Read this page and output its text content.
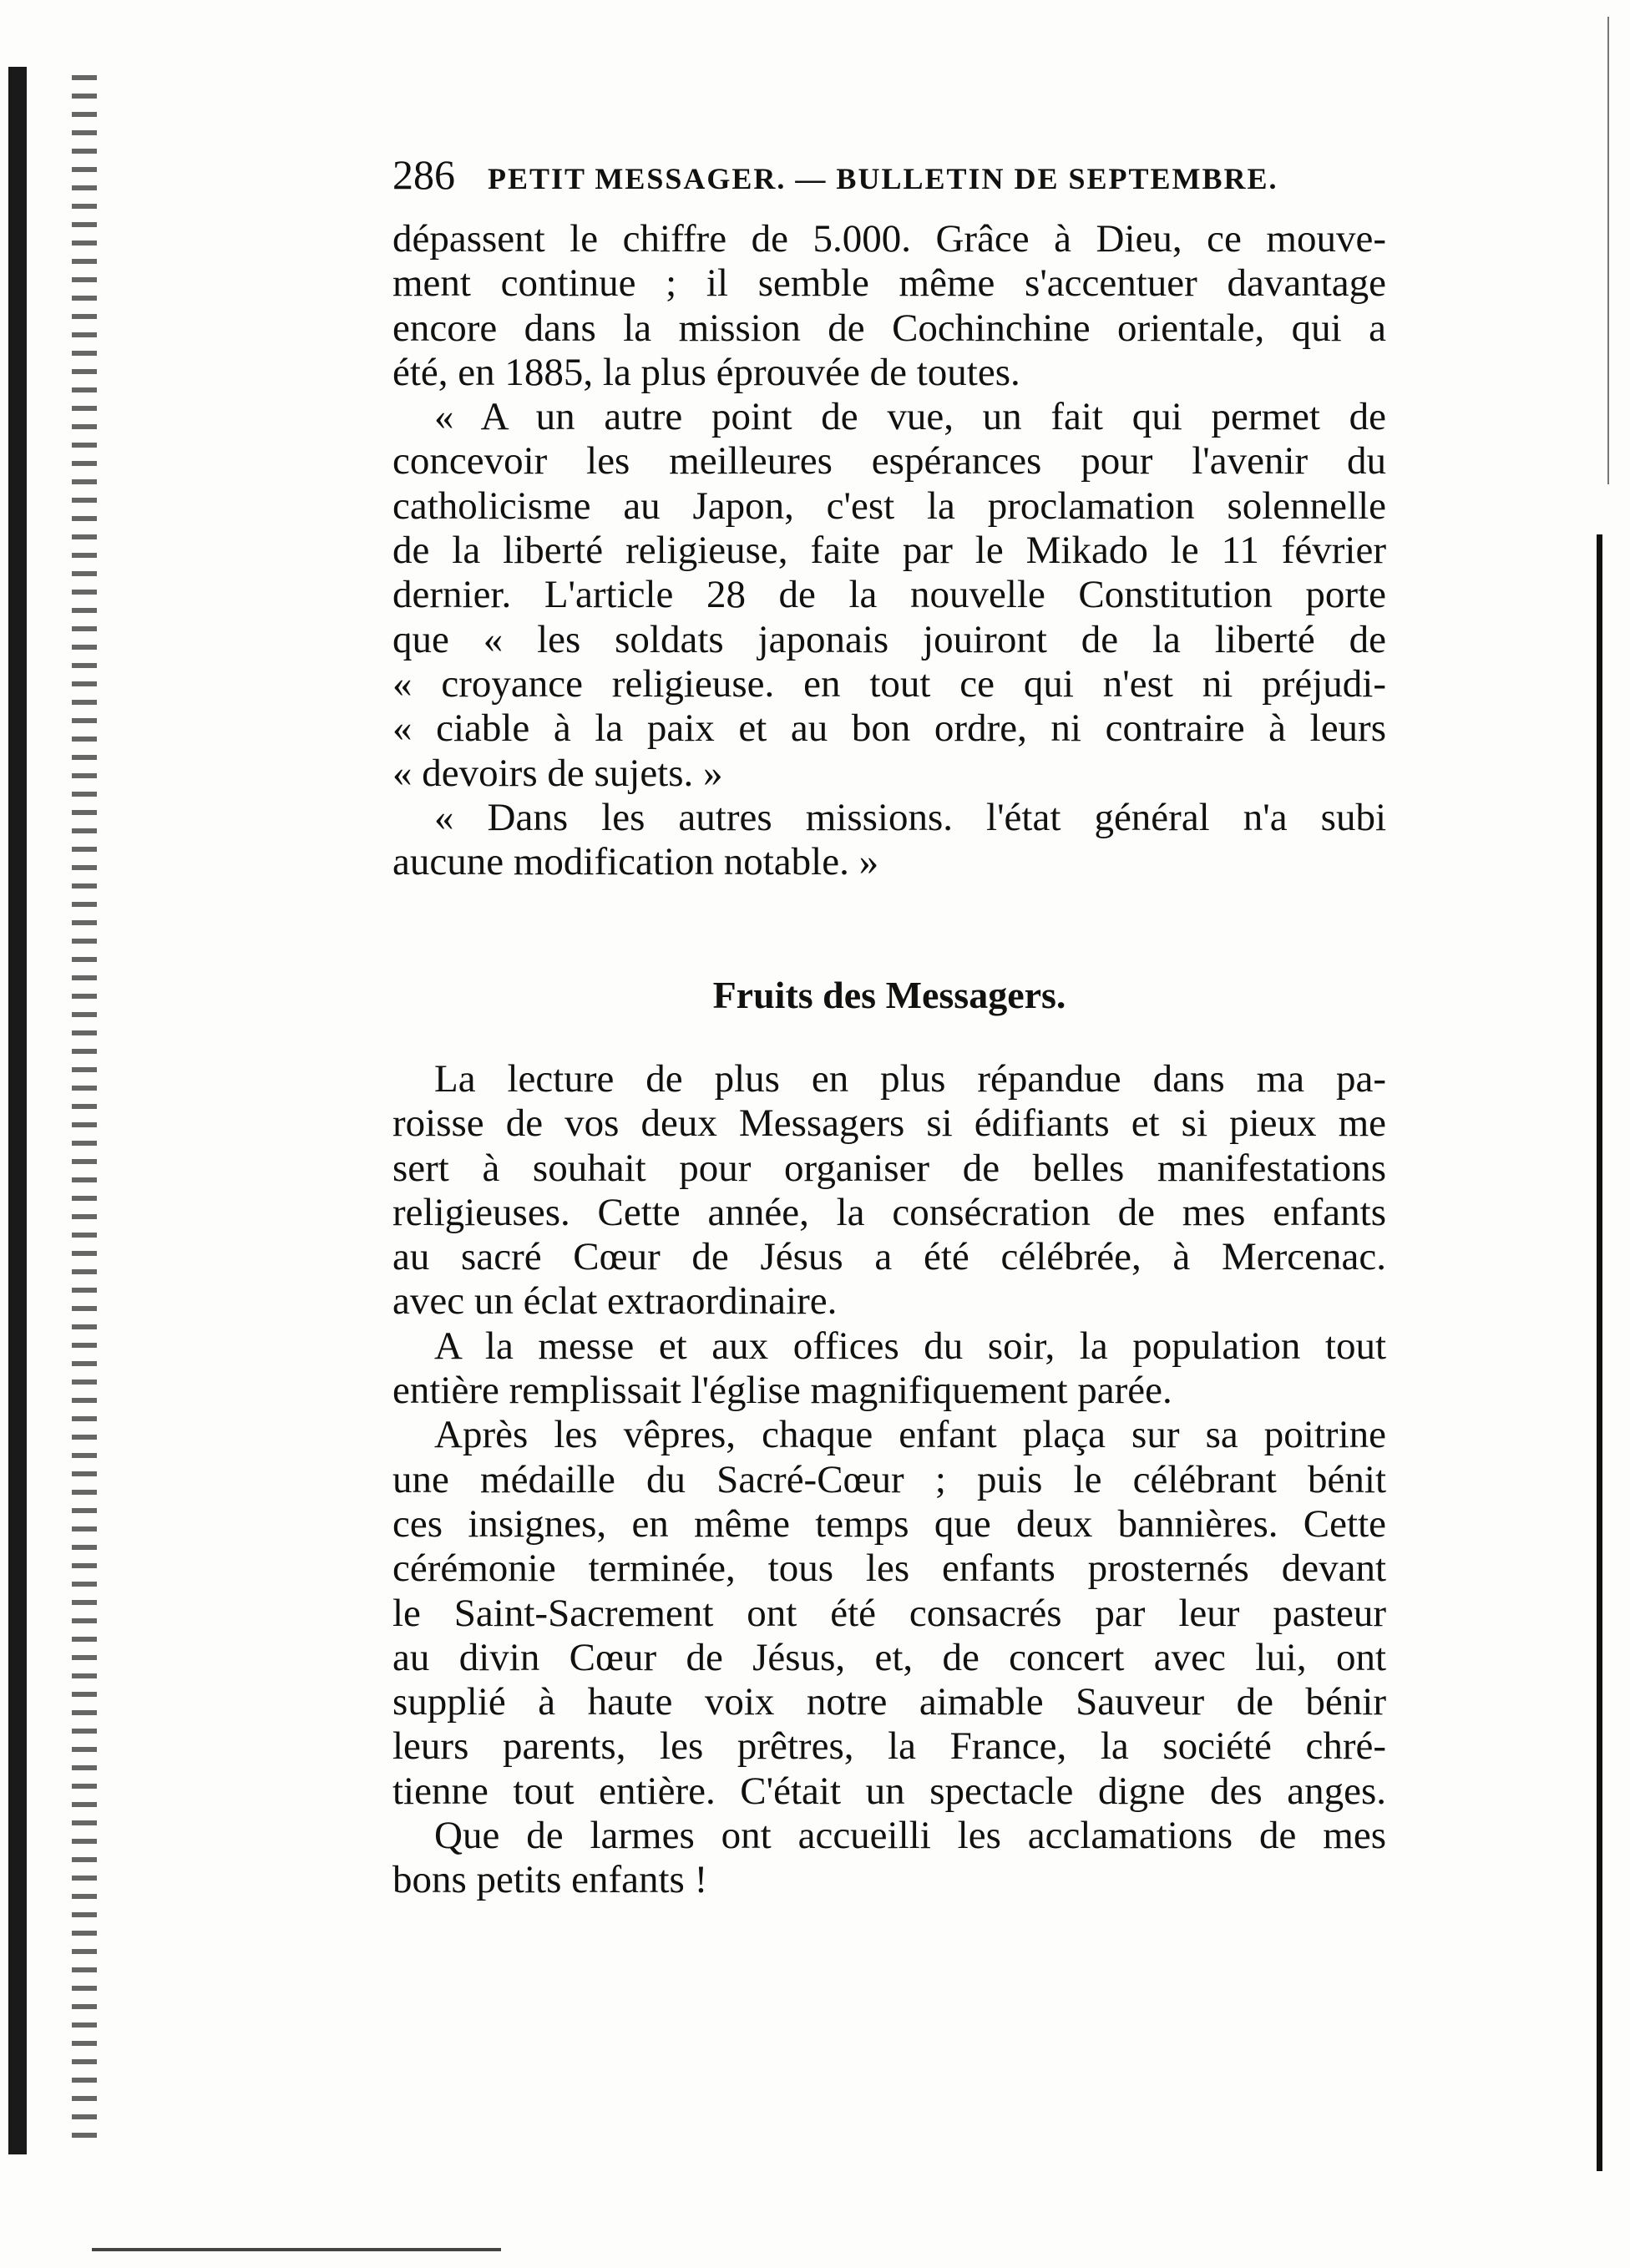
286 PETIT MESSAGER. — BULLETIN DE SEPTEMBRE.
dépassent le chiffre de 5.000. Grâce à Dieu, ce mouve-
ment continue ; il semble même s'accentuer davantage
encore dans la mission de Cochinchine orientale, qui a
été, en 1885, la plus éprouvée de toutes.
« A un autre point de vue, un fait qui permet de
concevoir les meilleures espérances pour l'avenir du
catholicisme au Japon, c'est la proclamation solennelle
de la liberté religieuse, faite par le Mikado le 11 février
dernier. L'article 28 de la nouvelle Constitution porte
que « les soldats japonais jouiront de la liberté de
« croyance religieuse. en tout ce qui n'est ni préjudi-
« ciable à la paix et au bon ordre, ni contraire à leurs
« devoirs de sujets. »
« Dans les autres missions. l'état général n'a subi
aucune modification notable. »
Fruits des Messagers.
La lecture de plus en plus répandue dans ma pa-
roisse de vos deux Messagers si édifiants et si pieux me
sert à souhait pour organiser de belles manifestations
religieuses. Cette année, la consécration de mes enfants
au sacré Cœur de Jésus a été célébrée, à Mercenac.
avec un éclat extraordinaire.
A la messe et aux offices du soir, la population tout
entière remplissait l'église magnifiquement parée.
Après les vêpres, chaque enfant plaça sur sa poitrine
une médaille du Sacré-Cœur ; puis le célébrant bénit
ces insignes, en même temps que deux bannières. Cette
cérémonie terminée, tous les enfants prosternés devant
le Saint-Sacrement ont été consacrés par leur pasteur
au divin Cœur de Jésus, et, de concert avec lui, ont
supplié à haute voix notre aimable Sauveur de bénir
leurs parents, les prêtres, la France, la société chré-
tienne tout entière. C'était un spectacle digne des anges.
Que de larmes ont accueilli les acclamations de mes
bons petits enfants !
